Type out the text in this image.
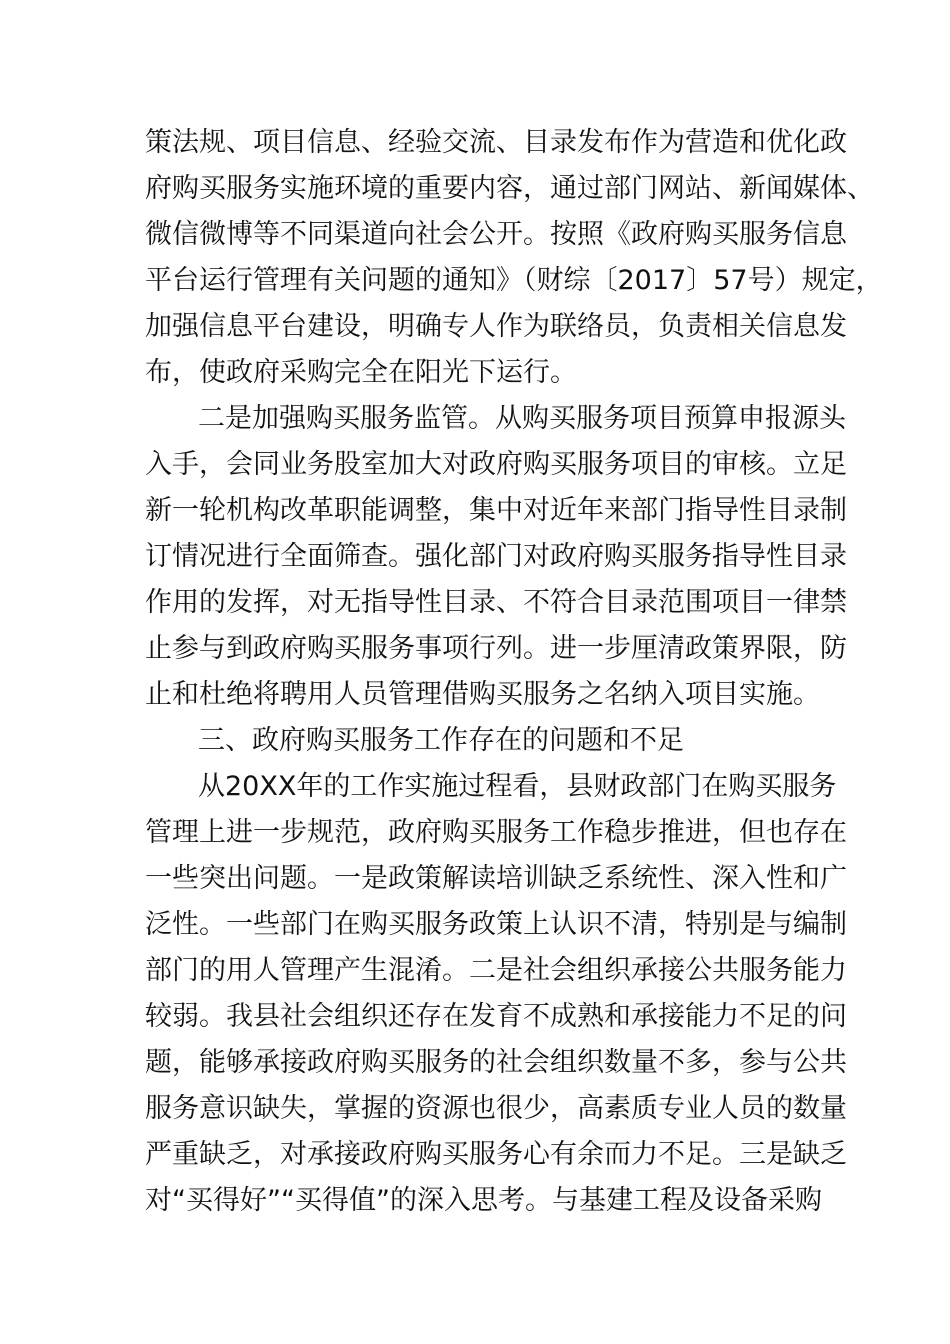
策法规、项目信息、经验交流、目录发布作为营造和优化政
府购买服务实施环境的重要内容，通过部门网站、新闻媒体、
微信微博等不同渠道向社会公开。按照《政府购买服务信息
平台运行管理有关问题的通知》（财综〔2017〕57号）规定，
加强信息平台建设，明确专人作为联络员，负责相关信息发
布，使政府采购完全在阳光下运行。
二是加强购买服务监管。从购买服务项目预算申报源头
入手，会同业务股室加大对政府购买服务项目的审核。立足
新一轮机构改革职能调整，集中对近年来部门指导性目录制
订情况进行全面筛查。强化部门对政府购买服务指导性目录
作用的发挥，对无指导性目录、不符合目录范围项目一律禁
止参与到政府购买服务事项行列。进一步厘清政策界限，防
止和杜绝将聘用人员管理借购买服务之名纳入项目实施。
三、政府购买服务工作存在的问题和不足
从20XX年的工作实施过程看，县财政部门在购买服务
管理上进一步规范，政府购买服务工作稳步推进，但也存在
一些突出问题。一是政策解读培训缺乏系统性、深入性和广
泛性。一些部门在购买服务政策上认识不清，特别是与编制
部门的用人管理产生混淆。二是社会组织承接公共服务能力
较弱。我县社会组织还存在发育不成熟和承接能力不足的问
题，能够承接政府购买服务的社会组织数量不多，参与公共
服务意识缺失，掌握的资源也很少，高素质专业人员的数量
严重缺乏，对承接政府购买服务心有余而力不足。三是缺乏
对“买得好”“买得值”的深入思考。与基建工程及设备采购
